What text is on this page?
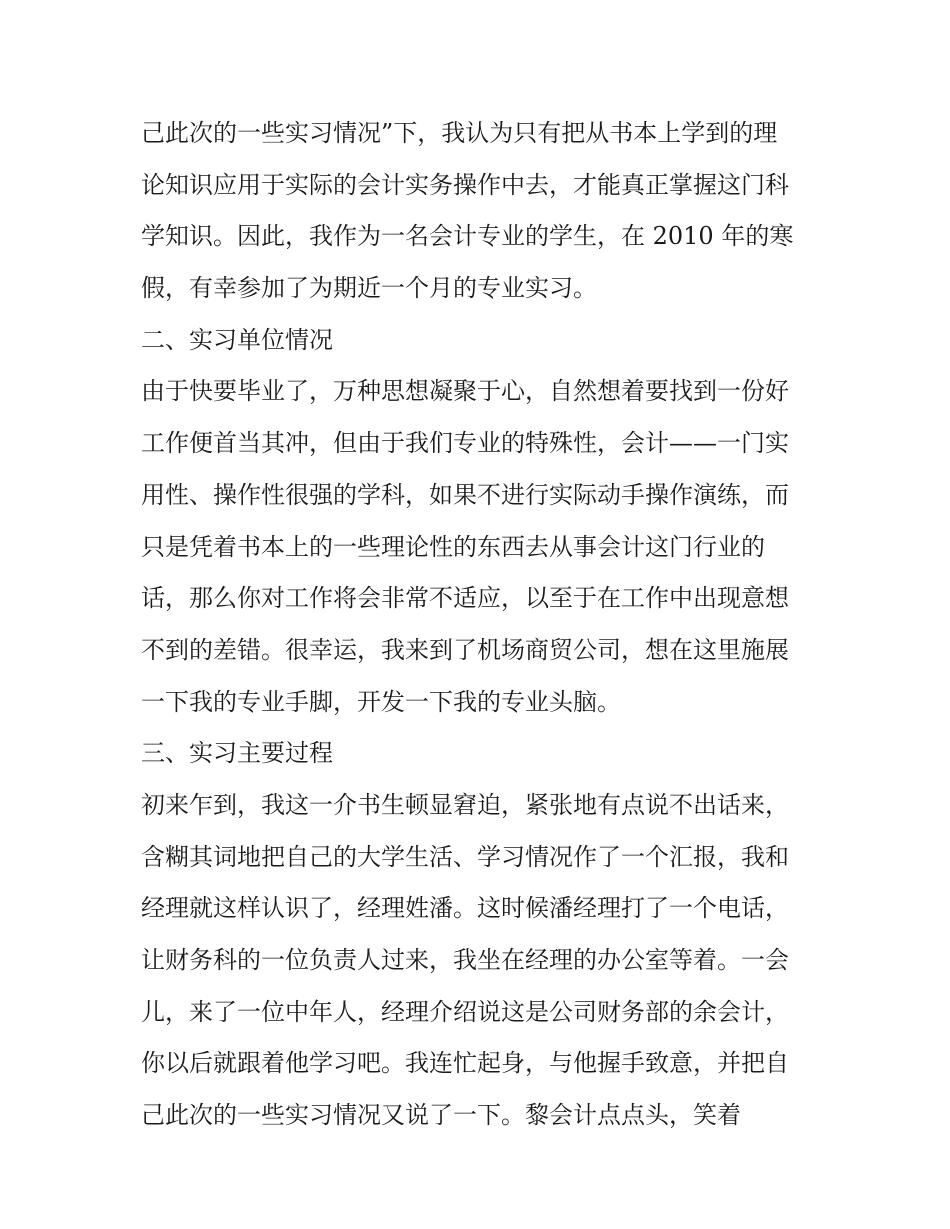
己此次的一些实习情况”下，我认为只有把从书本上学到的理
论知识应用于实际的会计实务操作中去，才能真正掌握这门科
学知识。因此，我作为一名会计专业的学生，在 2010 年的寒
假，有幸参加了为期近一个月的专业实习。
二、实习单位情况
由于快要毕业了，万种思想凝聚于心，自然想着要找到一份好
工作便首当其冲，但由于我们专业的特殊性，会计——一门实
用性、操作性很强的学科，如果不进行实际动手操作演练，而
只是凭着书本上的一些理论性的东西去从事会计这门行业的
话，那么你对工作将会非常不适应，以至于在工作中出现意想
不到的差错。很幸运，我来到了机场商贸公司，想在这里施展
一下我的专业手脚，开发一下我的专业头脑。
三、实习主要过程
初来乍到，我这一介书生顿显窘迫，紧张地有点说不出话来，
含糊其词地把自己的大学生活、学习情况作了一个汇报，我和
经理就这样认识了，经理姓潘。这时候潘经理打了一个电话，
让财务科的一位负责人过来，我坐在经理的办公室等着。一会
儿，来了一位中年人，经理介绍说这是公司财务部的余会计，
你以后就跟着他学习吧。我连忙起身，与他握手致意，并把自
己此次的一些实习情况又说了一下。黎会计点点头，笑着
